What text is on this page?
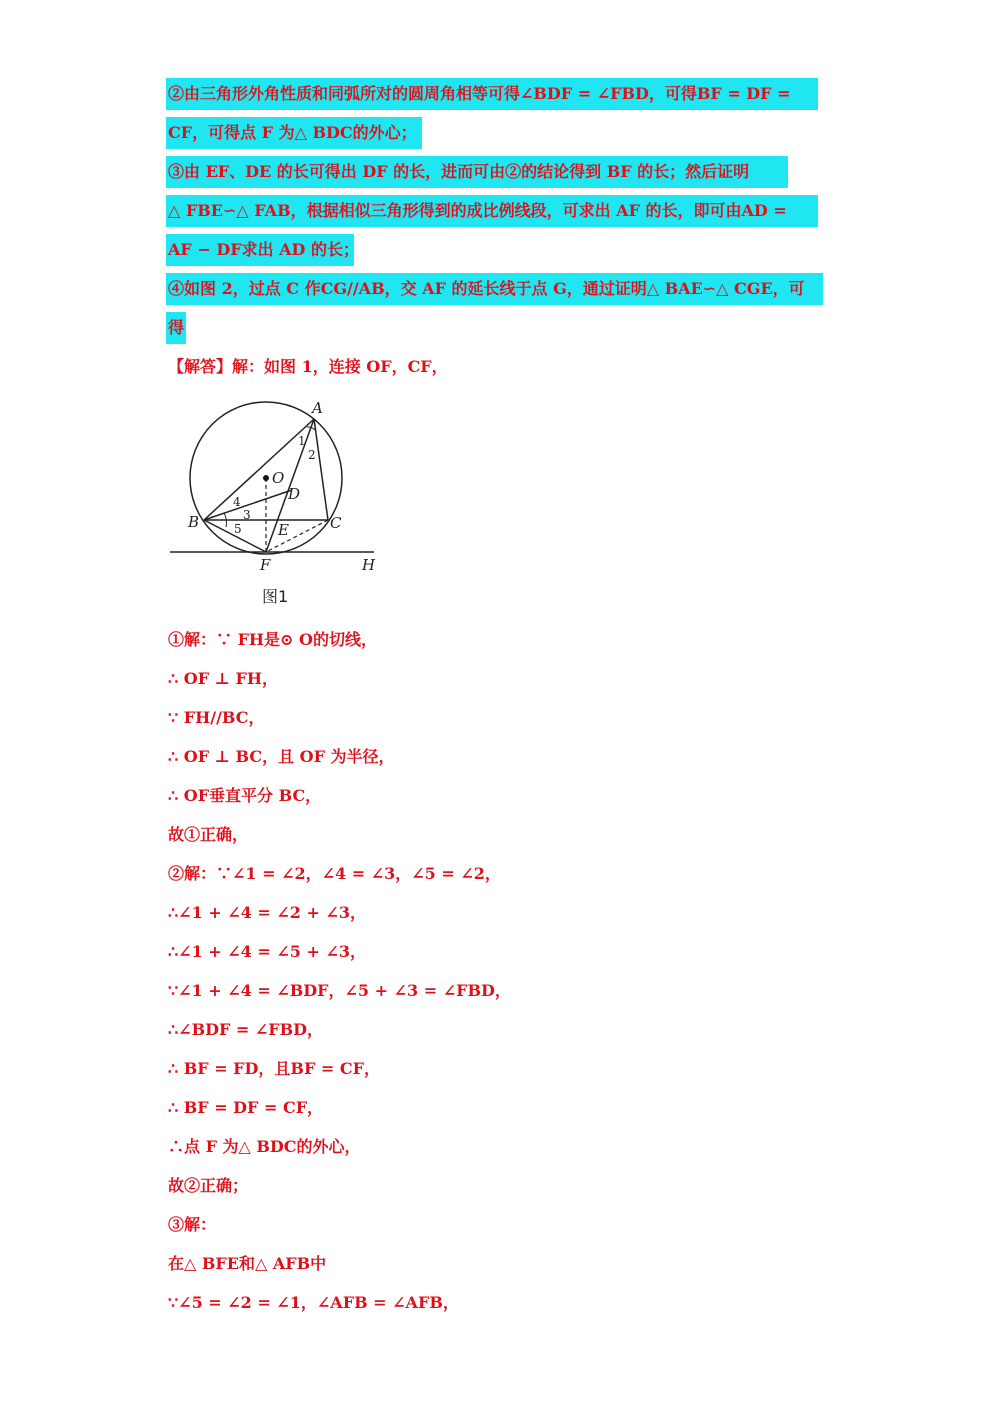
②由三角形外角性质和同弧所对的圆周角相等可得∠BDF = ∠FBD，可得BF = DF =
CF，可得点 F 为△ BDC的外心；
③由 EF、DE 的长可得出 DF 的长，进而可由②的结论得到 BF 的长；然后证明
△ FBE∽△ FAB，根据相似三角形得到的成比例线段，可求出 AF 的长，即可由AD =
AF − DF求出 AD 的长；
④如图 2，过点 C 作CG//AB，交 AF 的延长线于点 G，通过证明△ BAE∽△ CGE，可
得
【解答】解：如图 1，连接 OF，CF，
A
O
D
B	C
E
F	H
1
2
3
4
5
图1
①解：∵ FH是⊙ O的切线，
∴ OF ⊥ FH，
∵ FH//BC，
∴ OF ⊥ BC，且 OF 为半径，
∴ OF垂直平分 BC，
故①正确，
②解：∵∠1 = ∠2，∠4 = ∠3，∠5 = ∠2，
∴∠1 + ∠4 = ∠2 + ∠3，
∴∠1 + ∠4 = ∠5 + ∠3，
∵∠1 + ∠4 = ∠BDF，∠5 + ∠3 = ∠FBD，
∴∠BDF = ∠FBD，
∴ BF = FD，且BF = CF，
∴ BF = DF = CF，
∴点 F 为△ BDC的外心，
故②正确；
③解：
在△ BFE和△ AFB中
∵∠5 = ∠2 = ∠1，∠AFB = ∠AFB，
